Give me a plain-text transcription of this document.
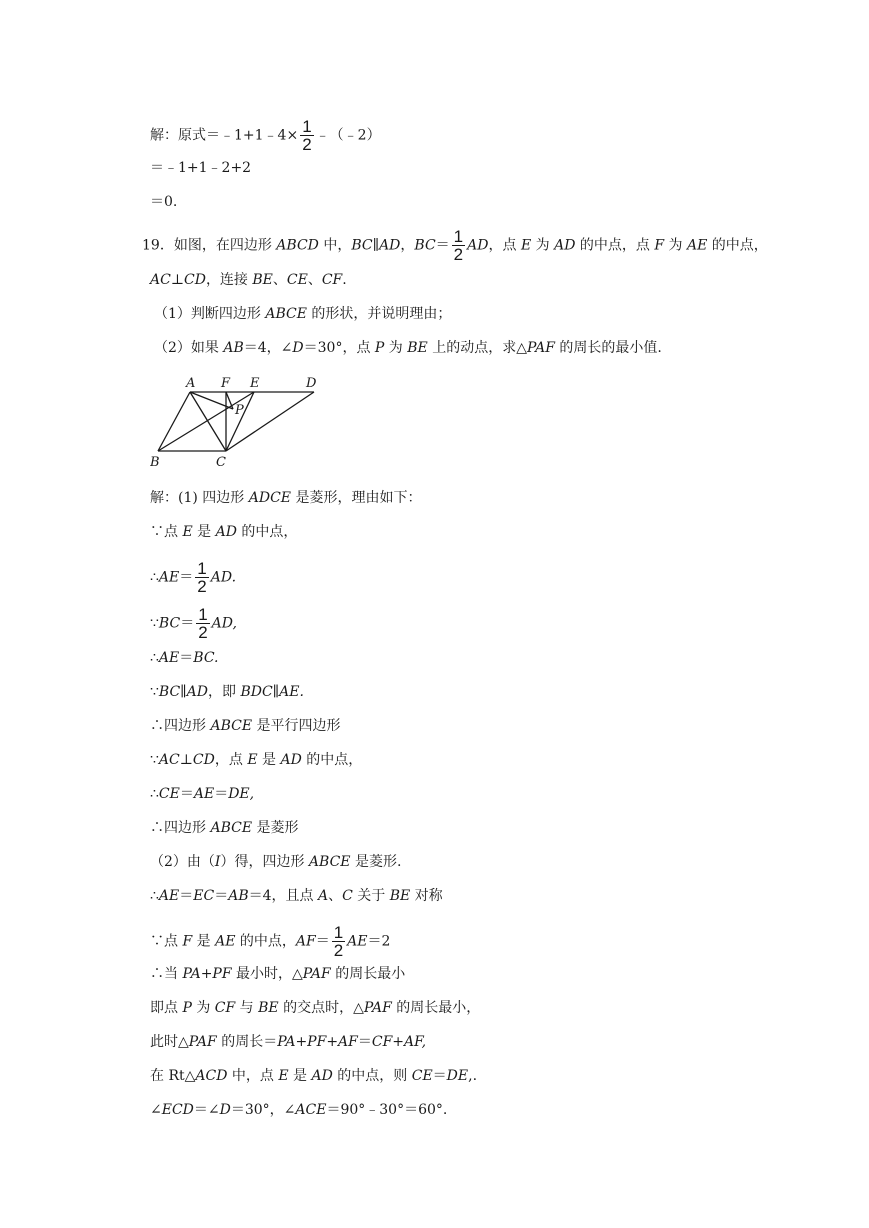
解：原式＝﹣1+1﹣4× $\frac{1}{2}$ ﹣（﹣2）
＝﹣1+1﹣2+2
＝0.
19．如图，在四边形 ABCD 中，BC∥AD，$BC= \frac{1}{2}$ AD，点 E 为 AD 的中点，点 F 为 AE 的中点，
AC⊥CD，连接 BE、CE、CF.
（1）判断四边形 ABCE 的形状，并说明理由；
（2）如果 AB＝4，∠D＝30°，点 P 为 BE 上的动点，求△PAF 的周长的最小值.
A F E	D
P
B	C
解：(1) 四边形 ADCE 是菱形，理由如下：
∵点 E 是 AD 的中点，
∴AE＝ $\frac{1}{2}$ AD.
∵BC＝ $\frac{1}{2}$ AD,
∴AE＝BC.
∵BC∥AD，即 BDC∥AE.
∴四边形 ABCE 是平行四边形
∵AC⊥CD，点 E 是 AD 的中点，
∴CE＝AE＝DE,
∴四边形 ABCE 是菱形
（2）由（I）得，四边形 ABCE 是菱形.
∴AE＝EC＝AB＝4，且点 A、C 关于 BE 对称
∵点 F 是 AE 的中点，$AF= \frac{1}{2} AE=2$
∴当 PA+PF 最小时，△PAF 的周长最小
即点 P 为 CF 与 BE 的交点时，△PAF 的周长最小，
此时△PAF 的周长＝PA+PF+AF＝CF+AF,
在 Rt△ACD 中，点 E 是 AD 的中点，则 CE＝DE,.
∠ECD＝∠D＝30°，∠ACE＝90°﹣30°＝60°.
